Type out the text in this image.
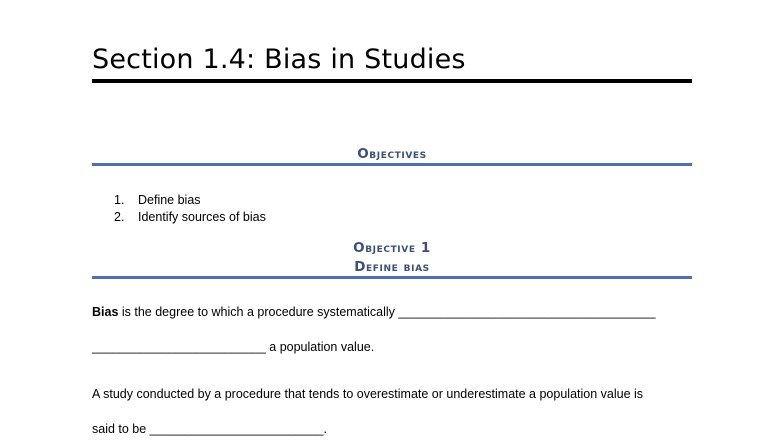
Section 1.4: Bias in Studies
Objectives
1. Define bias
2. Identify sources of bias
Objective 1
Define bias
Bias is the degree to which a procedure systematically _____________________________________
_________________________ a population value.
A study conducted by a procedure that tends to overestimate or underestimate a population value is
said to be _________________________.
